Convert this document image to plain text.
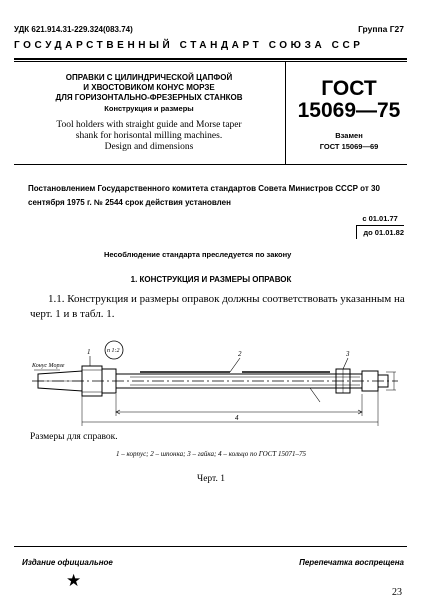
УДК 621.914.31-229.324(083.74)	Группа Г27
ГОСУДАРСТВЕННЫЙ СТАНДАРТ СОЮЗА ССР
ОПРАВКИ С ЦИЛИНДРИЧЕСКОЙ ЦАПФОЙ
И ХВОСТОВИКОМ КОНУС МОРЗЕ
ДЛЯ ГОРИЗОНТАЛЬНО-ФРЕЗЕРНЫХ СТАНКОВ
Конструкция и размеры
Tool holders with straight guide and Morse taper
shank for horisontal milling machines.
Design and dimensions
ГОСТ
15069—75
Взамен
ГОСТ 15069—69
Постановлением Государственного комитета стандартов Совета Министров СССР от 30 сентября 1975 г. № 2544 срок действия установлен
с 01.01.77
до 01.01.82
Несоблюдение стандарта преследуется по закону
1. КОНСТРУКЦИЯ И РАЗМЕРЫ ОПРАВОК
1.1. Конструкция и размеры оправок должны соответствовать указанным на черт. 1 и в табл. 1.
Конус Морзе
n 1:2
1	2	3
4
Размеры для справок.
1 – корпус; 2 – шпонка; 3 – гайка; 4 – кольцо по ГОСТ 15071–75
Черт. 1
Издание официальное
★
Перепечатка воспрещена
23
